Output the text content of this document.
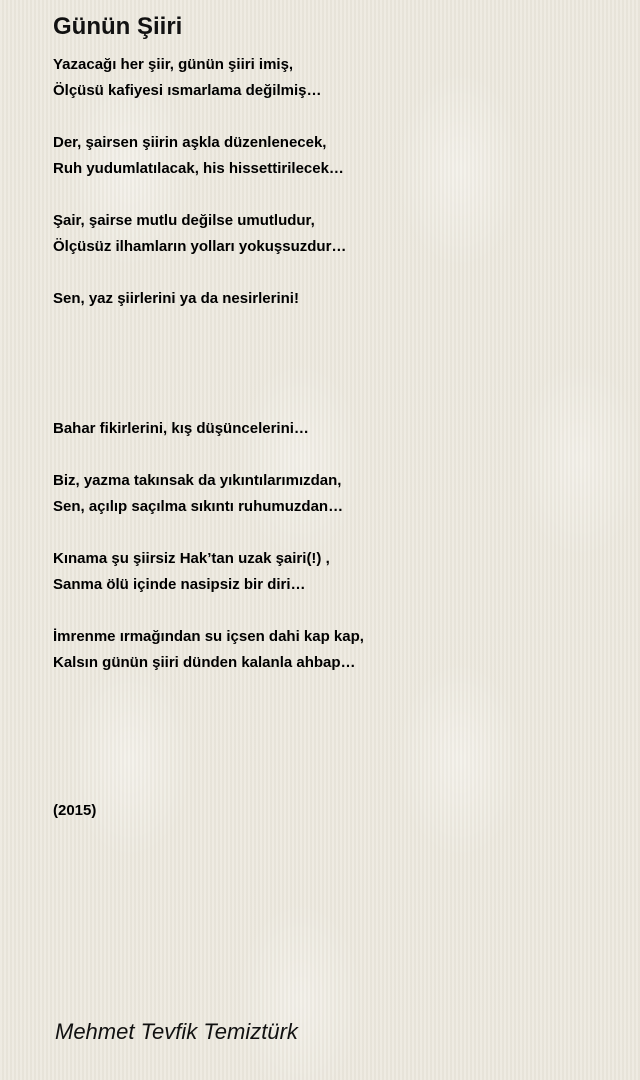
Günün Şiiri

Yazacağı her şiir, günün şiiri imiş,
Ölçüsü kafiyesi ısmarlama değilmiş…

Der, şairsen şiirin aşkla düzenlenecek,
Ruh yudumlatılacak, his hissettirilecek…

Şair, şairse mutlu değilse umutludur,
Ölçüsüz ilhamların yolları yokuşsuzdur…

Sen, yaz şiirlerini ya da nesirlerini!

Bahar fikirlerini, kış düşüncelerini…

Biz, yazma takınsak da yıkıntılarımızdan,
Sen, açılıp saçılma sıkıntı ruhumuzdan…

Kınama şu şiirsiz Hak’tan uzak şairi(!) ,
Sanma ölü içinde nasipsiz bir diri…

İmrenme ırmağından su içsen dahi kap kap,
Kalsın günün şiiri dünden kalanla ahbap…

(2015)
Mehmet Tevfik Temiztürk
